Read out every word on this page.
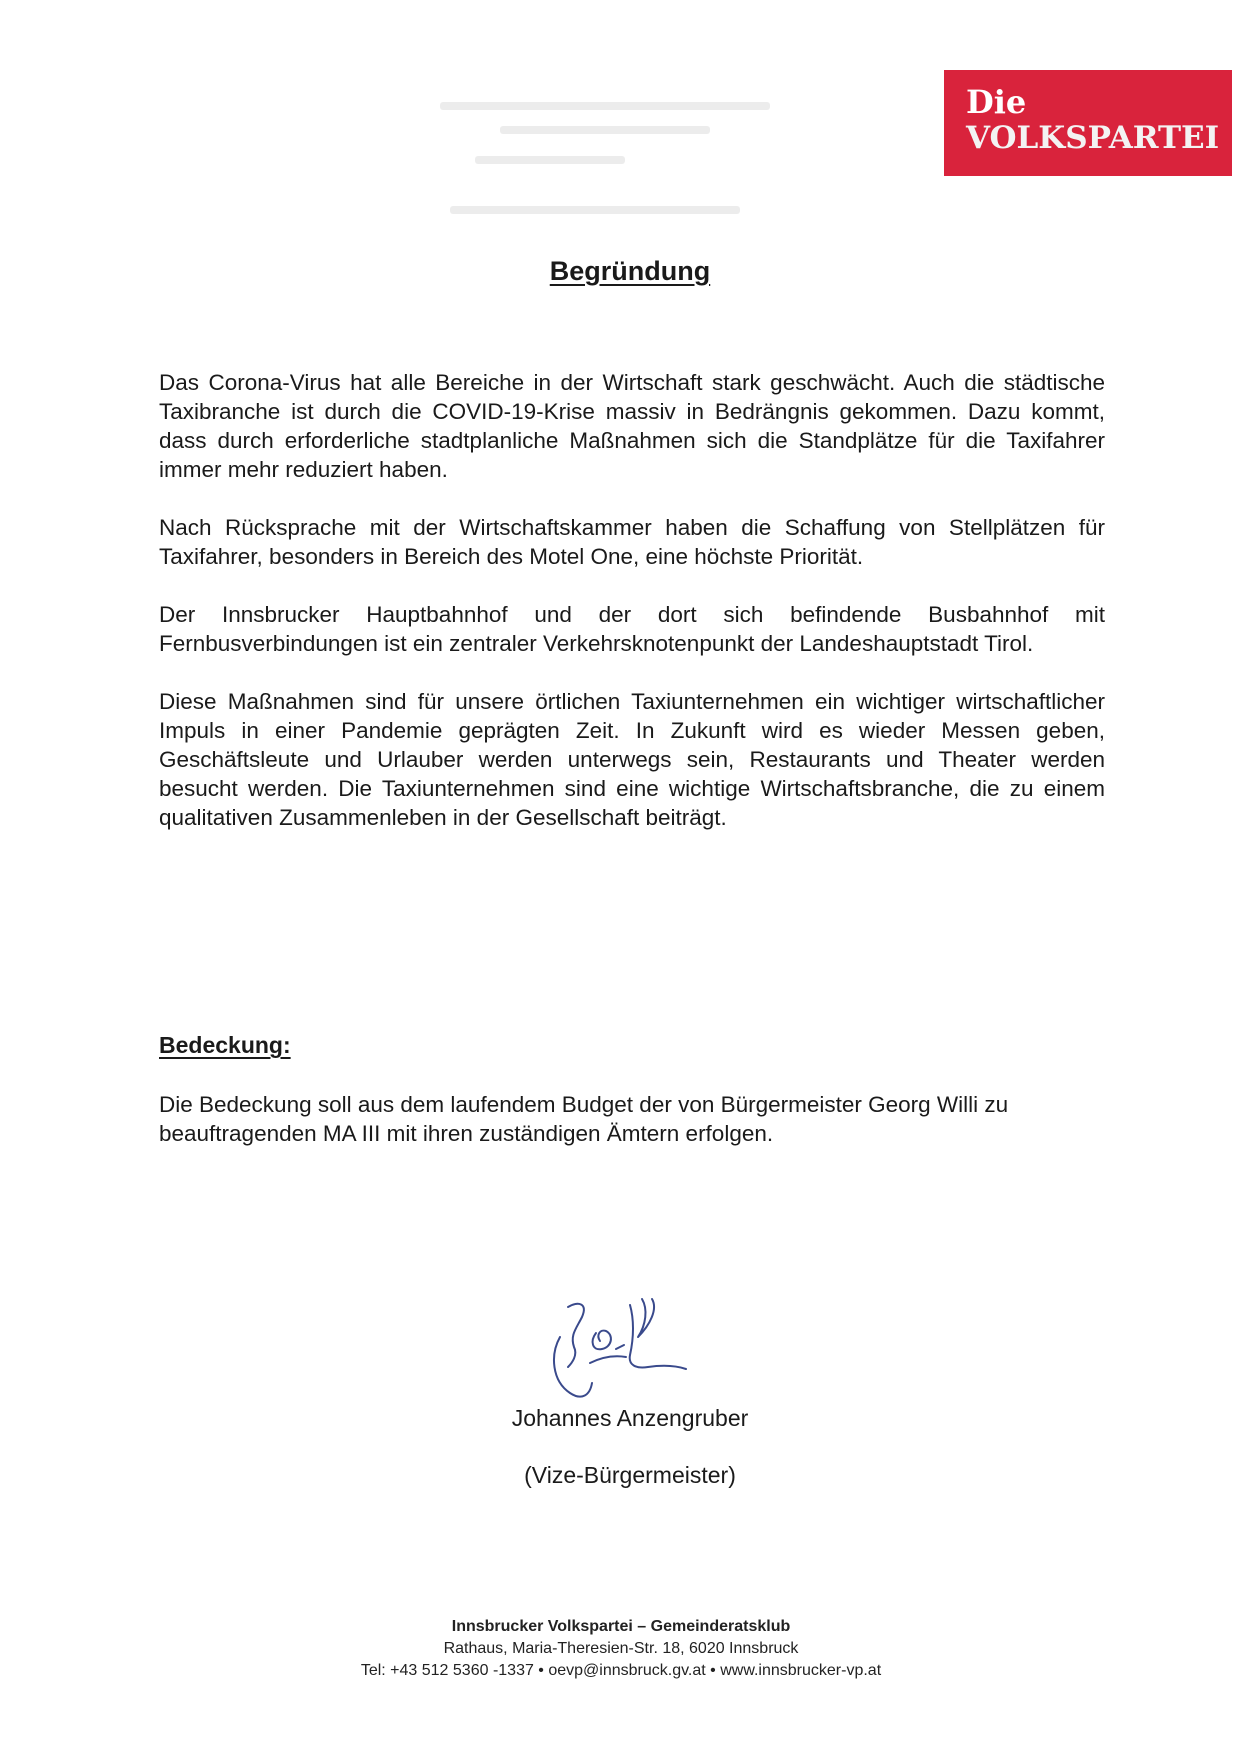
Die
VOLKSPARTEI
Begründung

Das Corona-Virus hat alle Bereiche in der Wirtschaft stark geschwächt. Auch die städtische Taxibranche ist durch die COVID-19-Krise massiv in Bedrängnis gekommen. Dazu kommt, dass durch erforderliche stadtplanliche Maßnahmen sich die Standplätze für die Taxifahrer immer mehr reduziert haben.

Nach Rücksprache mit der Wirtschaftskammer haben die Schaffung von Stellplätzen für Taxifahrer, besonders in Bereich des Motel One, eine höchste Priorität.

Der Innsbrucker Hauptbahnhof und der dort sich befindende Busbahnhof mit Fernbusverbindungen ist ein zentraler Verkehrsknotenpunkt der Landeshauptstadt Tirol.

Diese Maßnahmen sind für unsere örtlichen Taxiunternehmen ein wichtiger wirtschaftlicher Impuls in einer Pandemie geprägten Zeit. In Zukunft wird es wieder Messen geben, Geschäftsleute und Urlauber werden unterwegs sein, Restaurants und Theater werden besucht werden. Die Taxiunternehmen sind eine wichtige Wirtschaftsbranche, die zu einem qualitativen Zusammenleben in der Gesellschaft beiträgt.

Bedeckung:

Die Bedeckung soll aus dem laufendem Budget der von Bürgermeister Georg Willi zu beauftragenden MA III mit ihren zuständigen Ämtern erfolgen.

Johannes Anzengruber
(Vize-Bürgermeister)
Innsbrucker Volkspartei – Gemeinderatsklub
Rathaus, Maria-Theresien-Str. 18, 6020 Innsbruck
Tel: +43 512 5360 -1337 • oevp@innsbruck.gv.at • www.innsbrucker-vp.at
